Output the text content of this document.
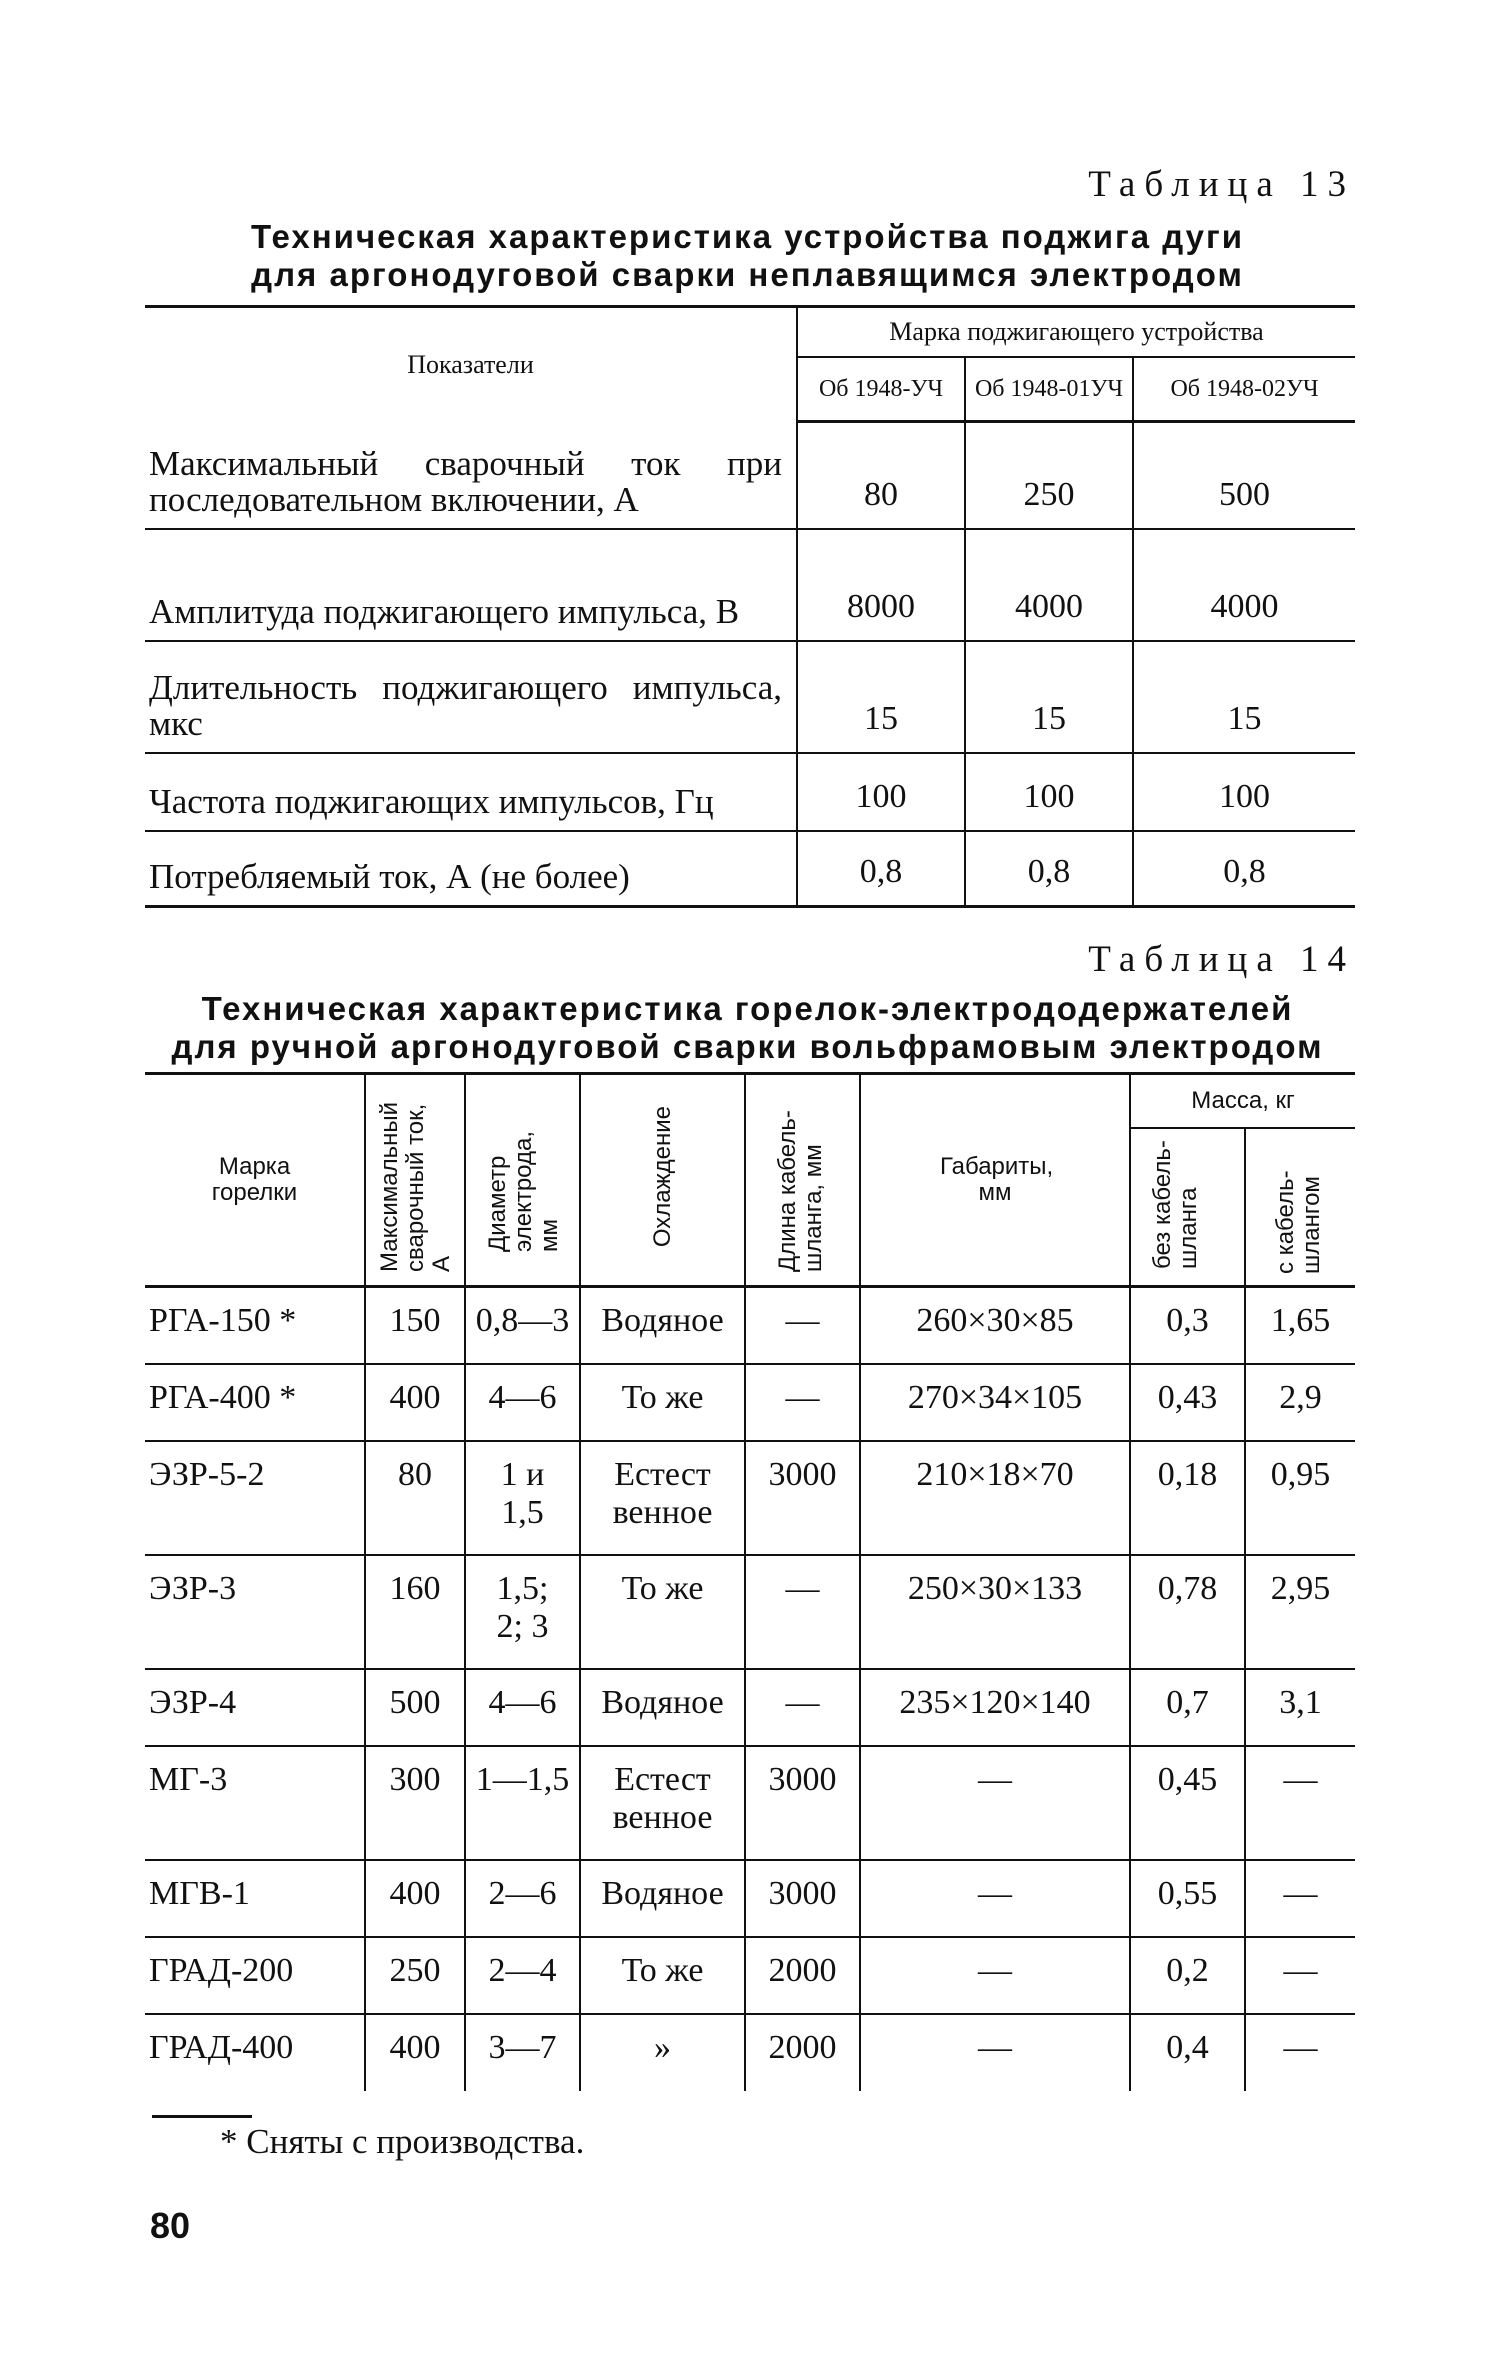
Таблица 13
Техническая характеристика устройства поджига дуги
для аргонодуговой сварки неплавящимся электродом
Показатели	Марка поджигающего устройства		
	Об 1948-УЧ	Об 1948-01УЧ	Об 1948-02УЧ
Максимальный сварочный ток при последовательном включении, А	80	250	500
Амплитуда поджигающего импульса, В	8000	4000	4000
Длительность поджигающего импульса, мкс	15	15	15
Частота поджигающих импульсов, Гц	100	100	100
Потребляемый ток, А (не более)	0,8	0,8	0,8
Таблица 14
Техническая характеристика горелок-электрододержателей
для ручной аргонодуговой сварки вольфрамовым электродом
Марка горелки	Максимальный сварочный ток, А	Диаметр электрода, мм	Охлаждение	Длина кабель-шланга, мм	Габариты, мм	Масса, кг	
						без кабель-шланга	с кабель-шлангом
РГА-150 *	150	0,8—3	Водяное	—	260×30×85	0,3	1,65
РГА-400 *	400	4—6	То же	—	270×34×105	0,43	2,9
ЭЗР-5-2	80	1 и 1,5	Естественное	3000	210×18×70	0,18	0,95
ЭЗР-3	160	1,5; 2; 3	То же	—	250×30×133	0,78	2,95
ЭЗР-4	500	4—6	Водяное	—	235×120×140	0,7	3,1
МГ-3	300	1—1,5	Естественное	3000	—	0,45	—
МГВ-1	400	2—6	Водяное	3000	—	0,55	—
ГРАД-200	250	2—4	То же	2000	—	0,2	—
ГРАД-400	400	3—7	»	2000	—	0,4	—
* Сняты с производства.
80
